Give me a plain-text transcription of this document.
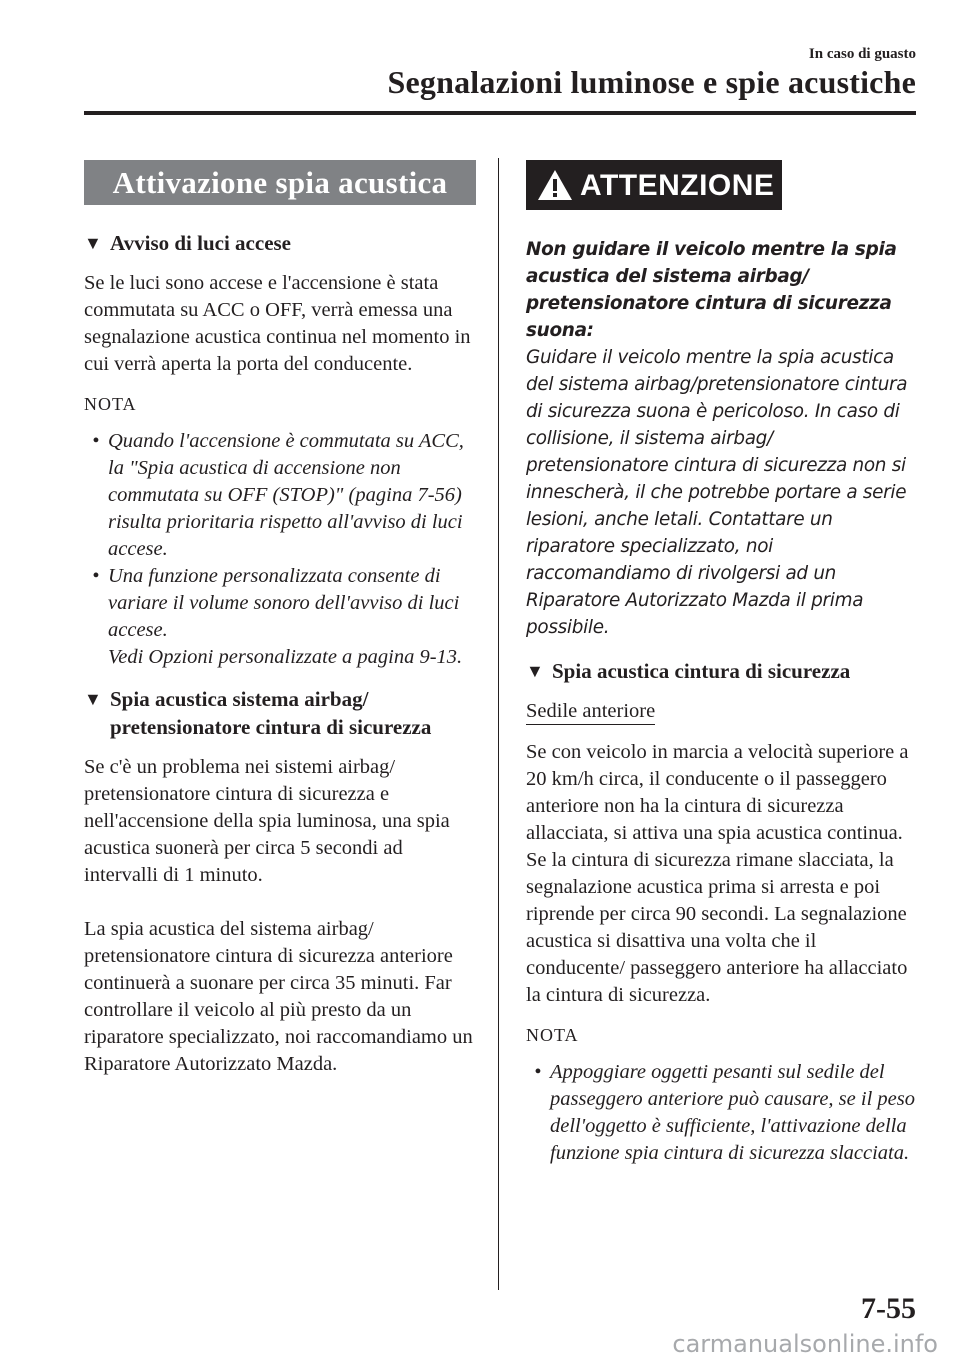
In caso di guasto
Segnalazioni luminose e spie acustiche
Attivazione spia acustica
▼ Avviso di luci accese

Se le luci sono accese e l'accensione è stata commutata su ACC o OFF, verrà emessa una segnalazione acustica continua nel momento in cui verrà aperta la porta del conducente.

NOTA
• Quando l'accensione è commutata su ACC, la "Spia acustica di accensione non commutata su OFF (STOP)" (pagina 7-56) risulta prioritaria rispetto all'avviso di luci accese.
• Una funzione personalizzata consente di variare il volume sonoro dell'avviso di luci accese.
Vedi Opzioni personalizzate a pagina 9-13.
▼ Spia acustica sistema airbag/ pretensionatore cintura di sicurezza

Se c'è un problema nei sistemi airbag/ pretensionatore cintura di sicurezza e nell'accensione della spia luminosa, una spia acustica suonerà per circa 5 secondi ad intervalli di 1 minuto.

La spia acustica del sistema airbag/ pretensionatore cintura di sicurezza anteriore continuerà a suonare per circa 35 minuti. Far controllare il veicolo al più presto da un riparatore specializzato, noi raccomandiamo un Riparatore Autorizzato Mazda.

ATTENZIONE
Non guidare il veicolo mentre la spia acustica del sistema airbag/ pretensionatore cintura di sicurezza suona:
Guidare il veicolo mentre la spia acustica del sistema airbag/pretensionatore cintura di sicurezza suona è pericoloso. In caso di collisione, il sistema airbag/ pretensionatore cintura di sicurezza non si innescherà, il che potrebbe portare a serie lesioni, anche letali. Contattare un riparatore specializzato, noi raccomandiamo di rivolgersi ad un Riparatore Autorizzato Mazda il prima possibile.
▼ Spia acustica cintura di sicurezza
Sedile anteriore

Se con veicolo in marcia a velocità superiore a 20 km/h circa, il conducente o il passeggero anteriore non ha la cintura di sicurezza allacciata, si attiva una spia acustica continua. Se la cintura di sicurezza rimane slacciata, la segnalazione acustica prima si arresta e poi riprende per circa 90 secondi. La segnalazione acustica si disattiva una volta che il conducente/ passeggero anteriore ha allacciato la cintura di sicurezza.

NOTA
• Appoggiare oggetti pesanti sul sedile del passeggero anteriore può causare, se il peso dell'oggetto è sufficiente, l'attivazione della funzione spia cintura di sicurezza slacciata.
7-55
carmanualsonline.info
